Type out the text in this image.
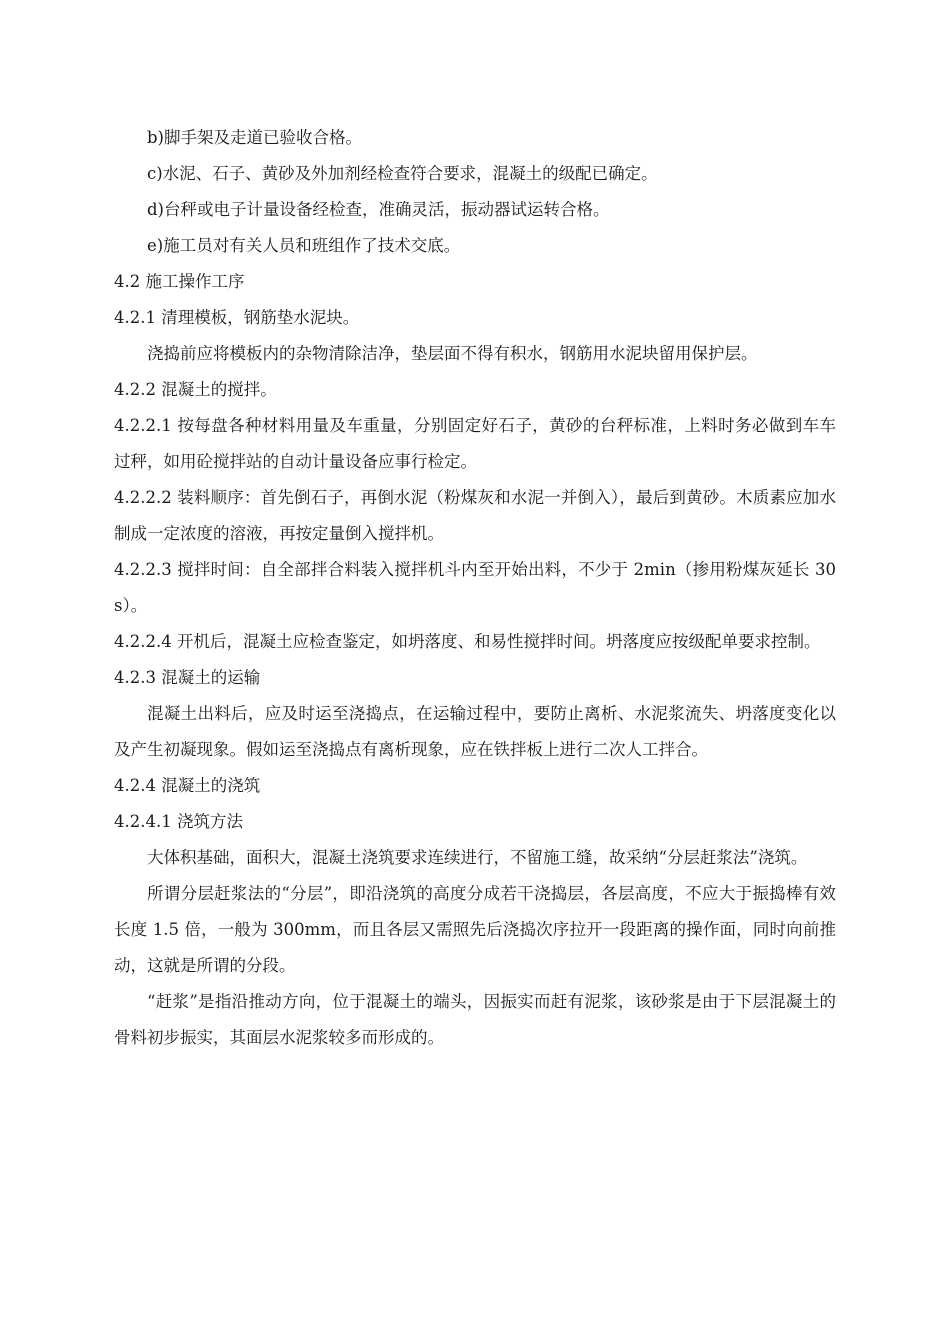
b)脚手架及走道已验收合格。

c)水泥、石子、黄砂及外加剂经检查符合要求，混凝土的级配已确定。

d)台秤或电子计量设备经检查，准确灵活，振动器试运转合格。

e)施工员对有关人员和班组作了技术交底。

4.2 施工操作工序

4.2.1 清理模板，钢筋垫水泥块。

浇捣前应将模板内的杂物清除洁净，垫层面不得有积水，钢筋用水泥块留用保护层。

4.2.2 混凝土的搅拌。

4.2.2.1 按每盘各种材料用量及车重量，分别固定好石子，黄砂的台秤标准，上料时务必做到车车过秤，如用砼搅拌站的自动计量设备应事行检定。

4.2.2.2 装料顺序：首先倒石子，再倒水泥（粉煤灰和水泥一并倒入），最后到黄砂。木质素应加水制成一定浓度的溶液，再按定量倒入搅拌机。

4.2.2.3 搅拌时间：自全部拌合料装入搅拌机斗内至开始出料，不少于 2min（掺用粉煤灰延长 30 s）。

4.2.2.4 开机后，混凝土应检查鉴定，如坍落度、和易性搅拌时间。坍落度应按级配单要求控制。

4.2.3 混凝土的运输

混凝土出料后，应及时运至浇捣点，在运输过程中，要防止离析、水泥浆流失、坍落度变化以及产生初凝现象。假如运至浇捣点有离析现象，应在铁拌板上进行二次人工拌合。

4.2.4 混凝土的浇筑

4.2.4.1 浇筑方法

大体积基础，面积大，混凝土浇筑要求连续进行，不留施工缝，故采纳“分层赶浆法”浇筑。

所谓分层赶浆法的“分层”，即沿浇筑的高度分成若干浇捣层，各层高度，不应大于振捣棒有效长度 1.5 倍，一般为 300mm，而且各层又需照先后浇捣次序拉开一段距离的操作面，同时向前推动，这就是所谓的分段。

“赶浆”是指沿推动方向，位于混凝土的端头，因振实而赶有泥浆，该砂浆是由于下层混凝土的骨料初步振实，其面层水泥浆较多而形成的。
